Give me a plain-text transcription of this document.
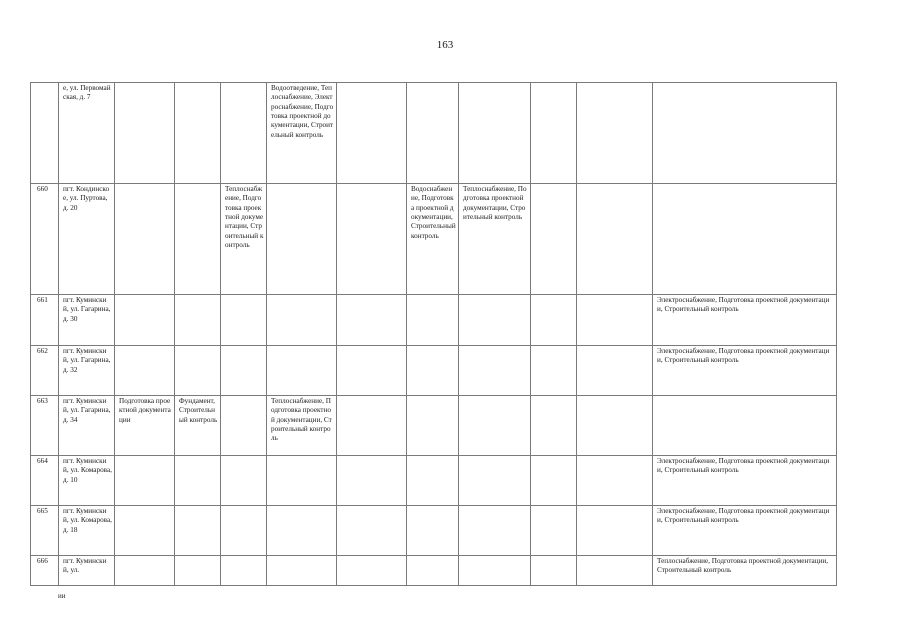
163
	е, ул. Первомайская, д. 7				Водоотведение, Теплоснабжение, Электроснабжение, Подготовка проектной документации, Строительный контроль						
660	пгт. Кондинское, ул. Пуртова, д. 20			Теплоснабжение, Подготовка проектной документации, Строительный контроль			Водоснабжение, Подготовка проектной документации, Строительный контроль	Теплоснабжение, Подготовка проектной документации, Строительный контроль			
661	пгт. Куминский, ул. Гагарина, д. 30										Электроснабжение, Подготовка проектной документации, Строительный контроль
662	пгт. Куминский, ул. Гагарина, д. 32										Электроснабжение, Подготовка проектной документации, Строительный контроль
663	пгт. Куминский, ул. Гагарина, д. 34	Подготовка проектной документации	Фундамент, Строительный контроль		Теплоснабжение, Подготовка проектной документации, Строительный контроль						
664	пгт. Куминский, ул. Комарова, д. 10										Электроснабжение, Подготовка проектной документации, Строительный контроль
665	пгт. Куминский, ул. Комарова, д. 18										Электроснабжение, Подготовка проектной документации, Строительный контроль
666	пгт. Куминский, ул.										Теплоснабжение, Подготовка проектной документации, Строительный контроль
ии
